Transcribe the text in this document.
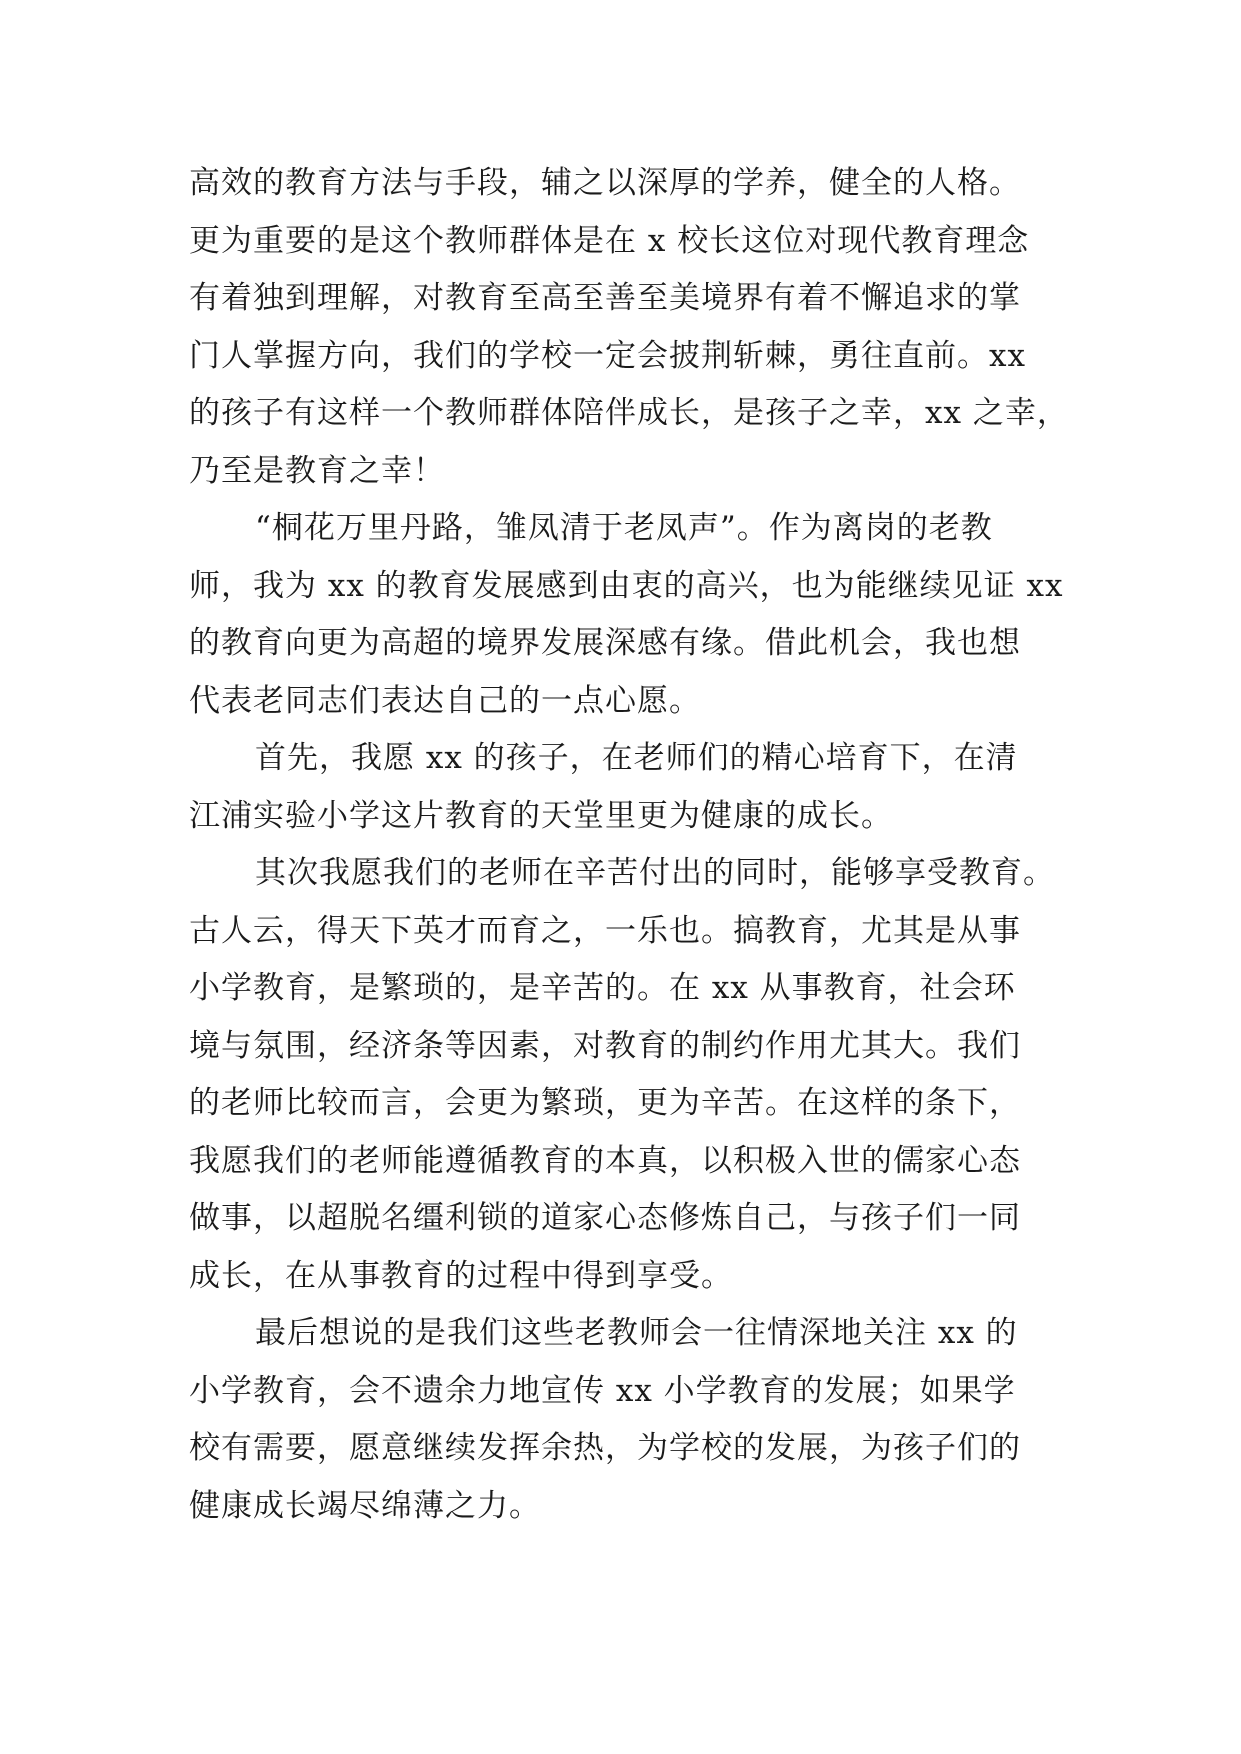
高效的教育方法与手段，辅之以深厚的学养，健全的人格。
更为重要的是这个教师群体是在 x 校长这位对现代教育理念
有着独到理解，对教育至高至善至美境界有着不懈追求的掌
门人掌握方向，我们的学校一定会披荆斩棘，勇往直前。xx
的孩子有这样一个教师群体陪伴成长，是孩子之幸，xx 之幸，
乃至是教育之幸！
“桐花万里丹路，雏凤清于老凤声”。作为离岗的老教
师，我为 xx 的教育发展感到由衷的高兴，也为能继续见证 xx
的教育向更为高超的境界发展深感有缘。借此机会，我也想
代表老同志们表达自己的一点心愿。
首先，我愿 xx 的孩子，在老师们的精心培育下，在清
江浦实验小学这片教育的天堂里更为健康的成长。
其次我愿我们的老师在辛苦付出的同时，能够享受教育。
古人云，得天下英才而育之，一乐也。搞教育，尤其是从事
小学教育，是繁琐的，是辛苦的。在 xx 从事教育，社会环
境与氛围，经济条等因素，对教育的制约作用尤其大。我们
的老师比较而言，会更为繁琐，更为辛苦。在这样的条下，
我愿我们的老师能遵循教育的本真，以积极入世的儒家心态
做事，以超脱名缰利锁的道家心态修炼自己，与孩子们一同
成长，在从事教育的过程中得到享受。
最后想说的是我们这些老教师会一往情深地关注 xx 的
小学教育，会不遗余力地宣传 xx 小学教育的发展；如果学
校有需要，愿意继续发挥余热，为学校的发展，为孩子们的
健康成长竭尽绵薄之力。
